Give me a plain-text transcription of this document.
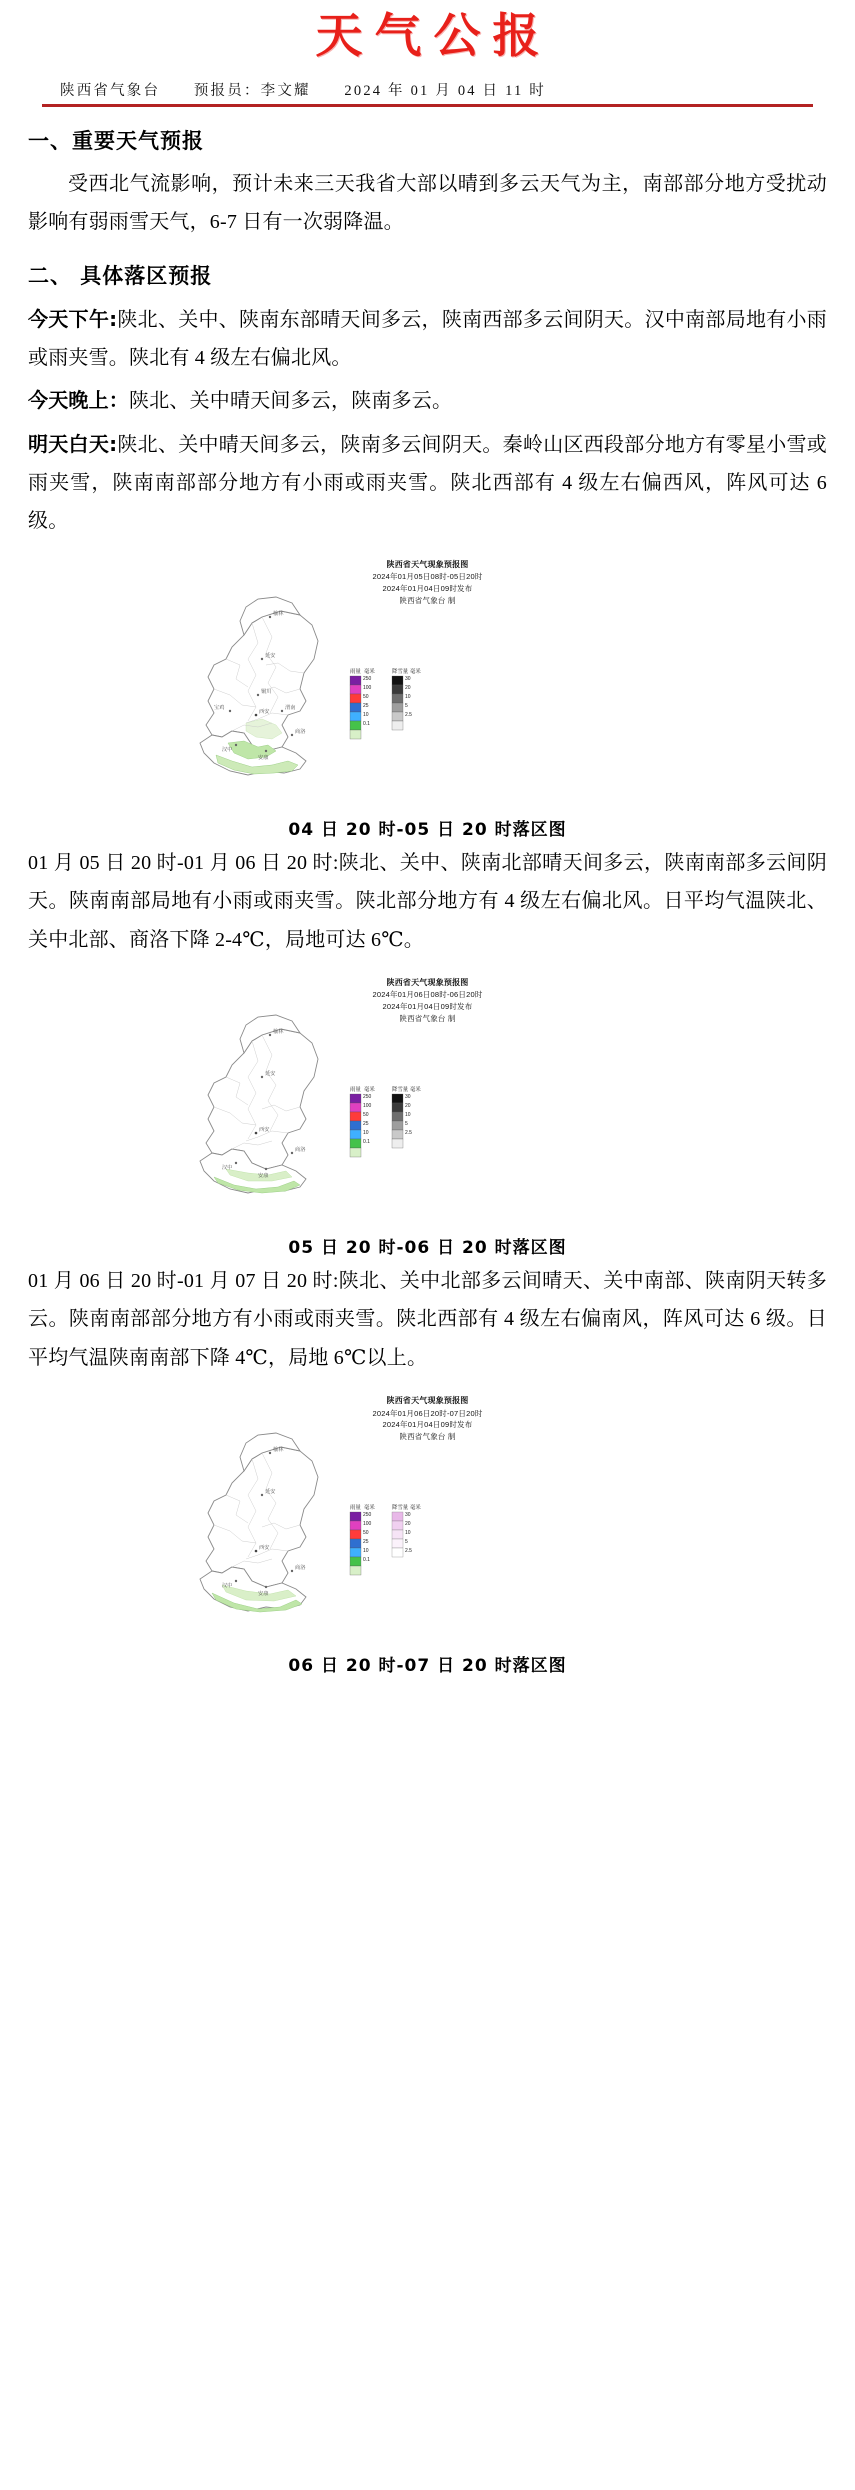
天气公报
陕西省气象台 预报员：李文耀 2024 年 01 月 04 日 11 时
一、重要天气预报

受西北气流影响，预计未来三天我省大部以晴到多云天气为主，南部部分地方受扰动影响有弱雨雪天气，6-7 日有一次弱降温。

二、 具体落区预报

今天下午:陕北、关中、陕南东部晴天间多云，陕南西部多云间阴天。汉中南部局地有小雨或雨夹雪。陕北有 4 级左右偏北风。

今天晚上：陕北、关中晴天间多云，陕南多云。

明天白天:陕北、关中晴天间多云，陕南多云间阴天。秦岭山区西段部分地方有零星小雪或雨夹雪，陕南南部部分地方有小雨或雨夹雪。陕北西部有 4 级左右偏西风，阵风可达 6 级。

陕西省天气现象预报图
2024年01月05日08时-05日20时
2024年01月04日09时发布
陕西省气象台 制
榆林
延安
铜川
宝鸡
西安
渭南
汉中
安康
商洛
雨量 毫米
250
100
50
25
10
0.1
降雪量 毫米
30
20
10
5
2.5
04 日 20 时-05 日 20 时落区图

01 月 05 日 20 时-01 月 06 日 20 时:陕北、关中、陕南北部晴天间多云，陕南南部多云间阴天。陕南南部局地有小雨或雨夹雪。陕北部分地方有 4 级左右偏北风。日平均气温陕北、关中北部、商洛下降 2-4℃，局地可达 6℃。

陕西省天气现象预报图
2024年01月06日08时-06日20时
2024年01月04日09时发布
陕西省气象台 制
榆林
延安
西安
汉中
安康
商洛
雨量 毫米
250
100
50
25
10
0.1
降雪量 毫米
30
20
10
5
2.5
05 日 20 时-06 日 20 时落区图

01 月 06 日 20 时-01 月 07 日 20 时:陕北、关中北部多云间晴天、关中南部、陕南阴天转多云。陕南南部部分地方有小雨或雨夹雪。陕北西部有 4 级左右偏南风，阵风可达 6 级。日平均气温陕南南部下降 4℃，局地 6℃以上。

陕西省天气现象预报图
2024年01月06日20时-07日20时
2024年01月04日09时发布
陕西省气象台 制
榆林
延安
西安
汉中
安康
商洛
雨量 毫米
250
100
50
25
10
0.1
降雪量 毫米
30
20
10
5
2.5
06 日 20 时-07 日 20 时落区图
